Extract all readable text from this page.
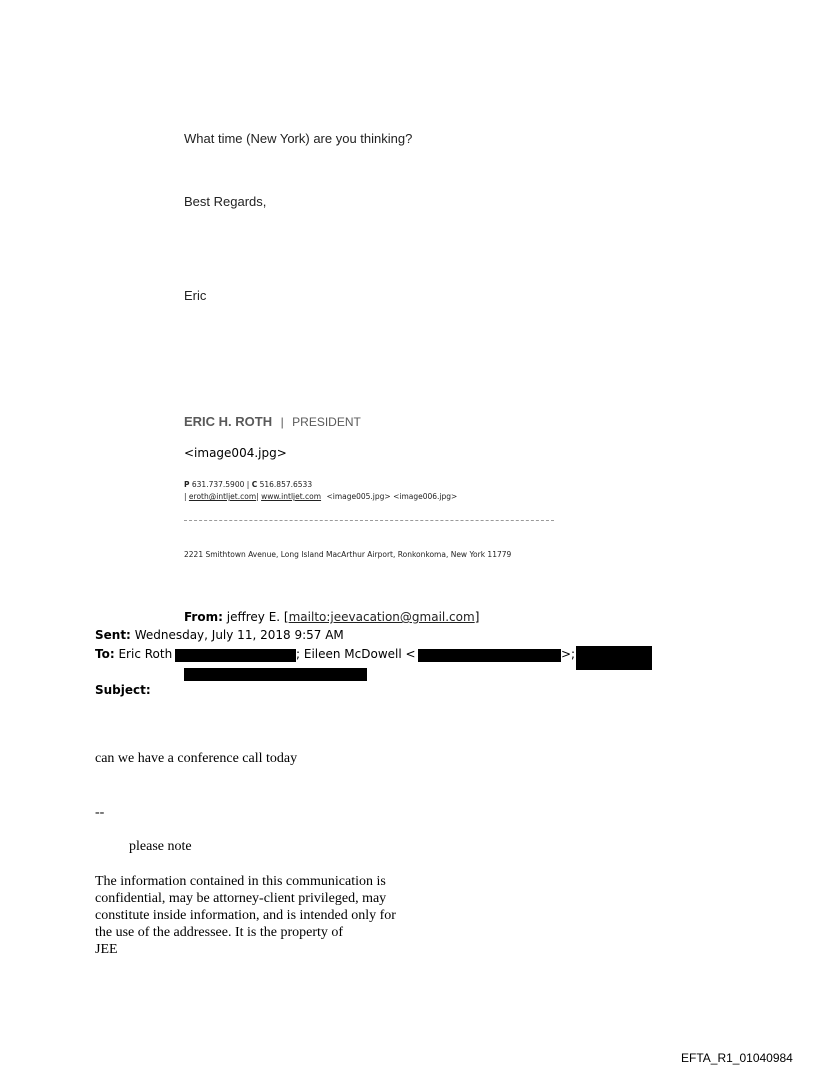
What time (New York) are you thinking?
Best Regards,
Eric
ERIC H. ROTH | PRESIDENT
<image004.jpg>
P 631.737.5900 | C 516.857.6533
| eroth@intljet.com| www.intljet.com <image005.jpg> <image006.jpg>
2221 Smithtown Avenue, Long Island MacArthur Airport, Ronkonkoma, New York 11779
From: jeffrey E. [mailto:jeevacation@gmail.com]
Sent: Wednesday, July 11, 2018 9:57 AM
To: Eric Roth	; Eileen McDowell <	>;
Subject:
can we have a conference call today
--
please note
The information contained in this communication is
confidential, may be attorney-client privileged, may
constitute inside information, and is intended only for
the use of the addressee. It is the property of
JEE
EFTA_R1_01040984
